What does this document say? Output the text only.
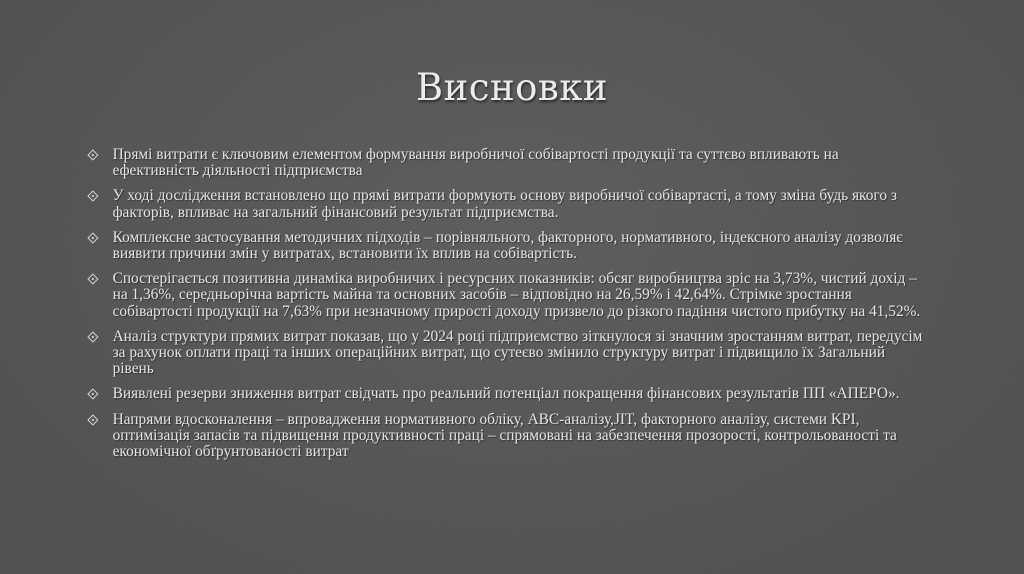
Висновки
Прямі витрати є ключовим елементом формування виробничої собівартості продукції та суттєво впливають на ефективність діяльності підприємства
У ході дослідження встановлено що прямі витрати формують основу виробничої собівартасті, а тому зміна будь якого з факторів, впливає на загальний фінансовий результат підприємства.
Комплексне застосування методичних підходів – порівняльного, факторного, нормативного, індексного аналізу дозволяє виявити причини змін у витратах, встановити їх вплив на собівартість.
Спостерігається позитивна динаміка виробничих і ресурсних показників: обсяг виробництва зріс на 3,73%, чистий дохід – на 1,36%, середньорічна вартість майна та основних засобів – відповідно на 26,59% і 42,64%. Стрімке зростання собівартості продукції на 7,63% при незначному прирості доходу призвело до різкого падіння чистого прибутку на 41,52%.
Аналіз структури прямих витрат показав, що у 2024 році підприємство зіткнулося зі значним зростанням витрат, передусім за рахунок оплати праці та інших операційних витрат, що сутеєво змінило структуру витрат і підвищило їх Загальний рівень
Виявлені резерви зниження витрат свідчать про реальний потенціал покращення фінансових результатів ПП «АПЕРО».
Напрями вдосконалення – впровадження нормативного обліку, АВС-аналізу,JIT, факторного аналізу, системи KPI, оптимізація запасів та підвищення продуктивності праці – спрямовані на забезпечення прозорості, контрольованості та економічної обґрунтованості витрат
